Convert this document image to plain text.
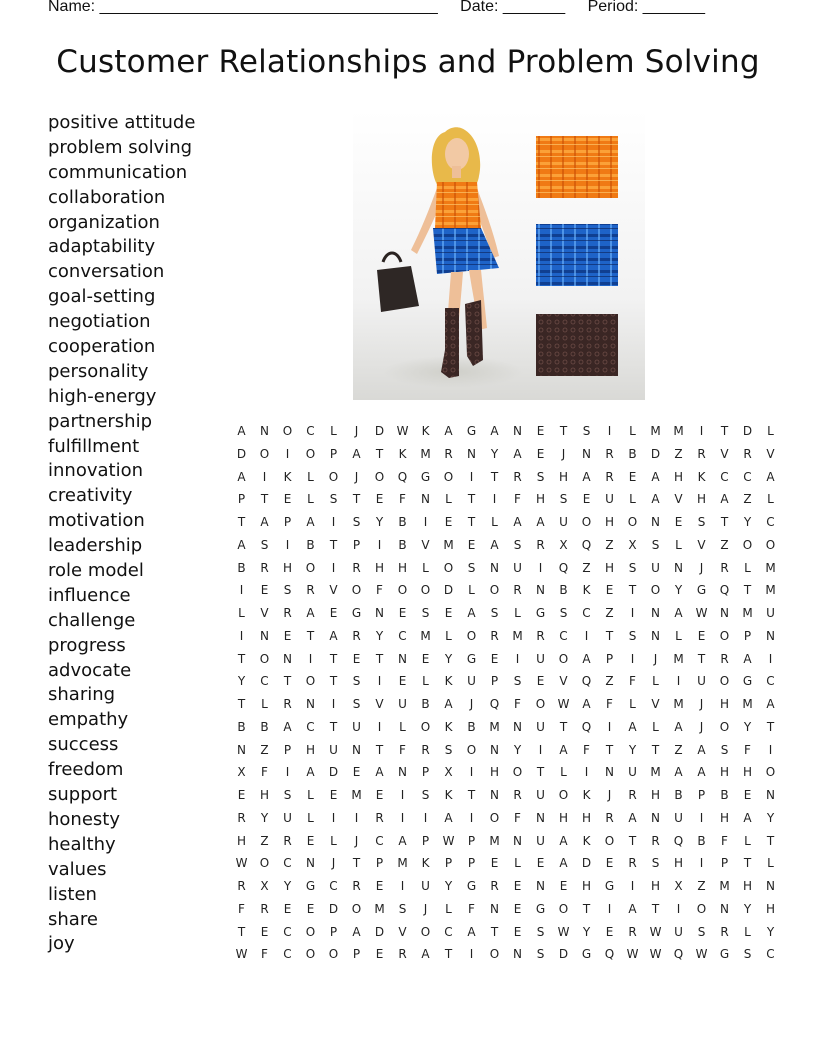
Name: ______________________________________ Date: _______ Period: _______
Customer Relationships and Problem Solving
positive attitude
problem solving
communication
collaboration
organization
adaptability
conversation
goal-setting
negotiation
cooperation
personality
high-energy
partnership
fulfillment
innovation
creativity
motivation
leadership
role model
influence
challenge
progress
advocate
sharing
empathy
success
freedom
support
honesty
healthy
values
listen
share
joy
A N O C L J D W K A G A N E T S I L M M I T D L
D O I O P A T K M R N Y A E J N R B D Z R V R V
A I K L O J O Q G O I T R S H A R E A H K C C A
P T E L S T E F N L T I F H S E U L A V H A Z L
T A P A I S Y B I E T L A A U O H O N E S T Y C
A S I B T P I B V M E A S R X Q Z X S L V Z O O
B R H O I R H H L O S N U I Q Z H S U N J R L M
I E S R V O F O O D L O R N B K E T O Y G Q T M
L V R A E G N E S E A S L G S C Z I N A W N M U
I N E T A R Y C M L O R M R C I T S N L E O P N
T O N I T E T N E Y G E I U O A P I J M T R A I
Y C T O T S I E L K U P S E V Q Z F L I U O G C
T L R N I S V U B A J Q F O W A F L V M J H M A
B B A C T U I L O K B M N U T Q I A L A J O Y T
N Z P H U N T F R S O N Y I A F T Y T Z A S F I
X F I A D E A N P X I H O T L I N U M A A H H O
E H S L E M E I S K T N R U O K J R H B P B E N
R Y U L I I R I I A I O F N H H R A N U I H A Y
H Z R E L J C A P W P M N U A K O T R Q B F L T
W O C N J T P M K P P E L E A D E R S H I P T L
R X Y G C R E I U Y G R E N E H G I H X Z M H N
F R E E D O M S J L F N E G O T I A T I O N Y H
T E C O P A D V O C A T E S W Y E R W U S R L Y
W F C O O P E R A T I O N S D G Q W W Q W G S C
